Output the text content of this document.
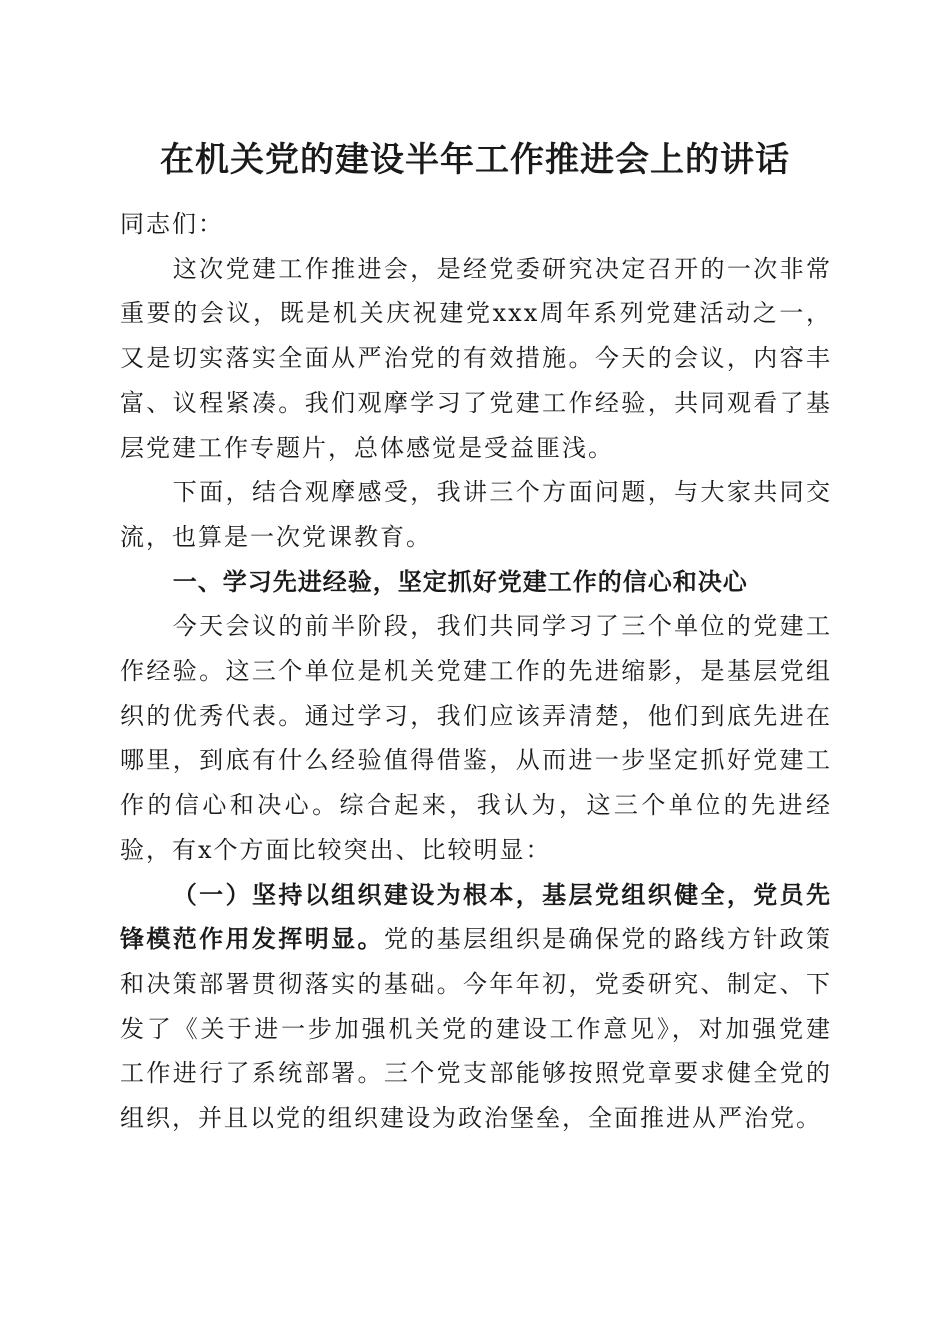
在机关党的建设半年工作推进会上的讲话

同志们：

这次党建工作推进会，是经党委研究决定召开的一次非常重要的会议，既是机关庆祝建党xxx周年系列党建活动之一，又是切实落实全面从严治党的有效措施。今天的会议，内容丰富、议程紧凑。我们观摩学习了党建工作经验，共同观看了基层党建工作专题片，总体感觉是受益匪浅。

下面，结合观摩感受，我讲三个方面问题，与大家共同交流，也算是一次党课教育。

一、学习先进经验，坚定抓好党建工作的信心和决心

今天会议的前半阶段，我们共同学习了三个单位的党建工作经验。这三个单位是机关党建工作的先进缩影，是基层党组织的优秀代表。通过学习，我们应该弄清楚，他们到底先进在哪里，到底有什么经验值得借鉴，从而进一步坚定抓好党建工作的信心和决心。综合起来，我认为，这三个单位的先进经验，有x个方面比较突出、比较明显：

（一）坚持以组织建设为根本，基层党组织健全，党员先锋模范作用发挥明显。党的基层组织是确保党的路线方针政策和决策部署贯彻落实的基础。今年年初，党委研究、制定、下发了《关于进一步加强机关党的建设工作意见》，对加强党建工作进行了系统部署。三个党支部能够按照党章要求健全党的组织，并且以党的组织建设为政治堡垒，全面推进从严治党。
